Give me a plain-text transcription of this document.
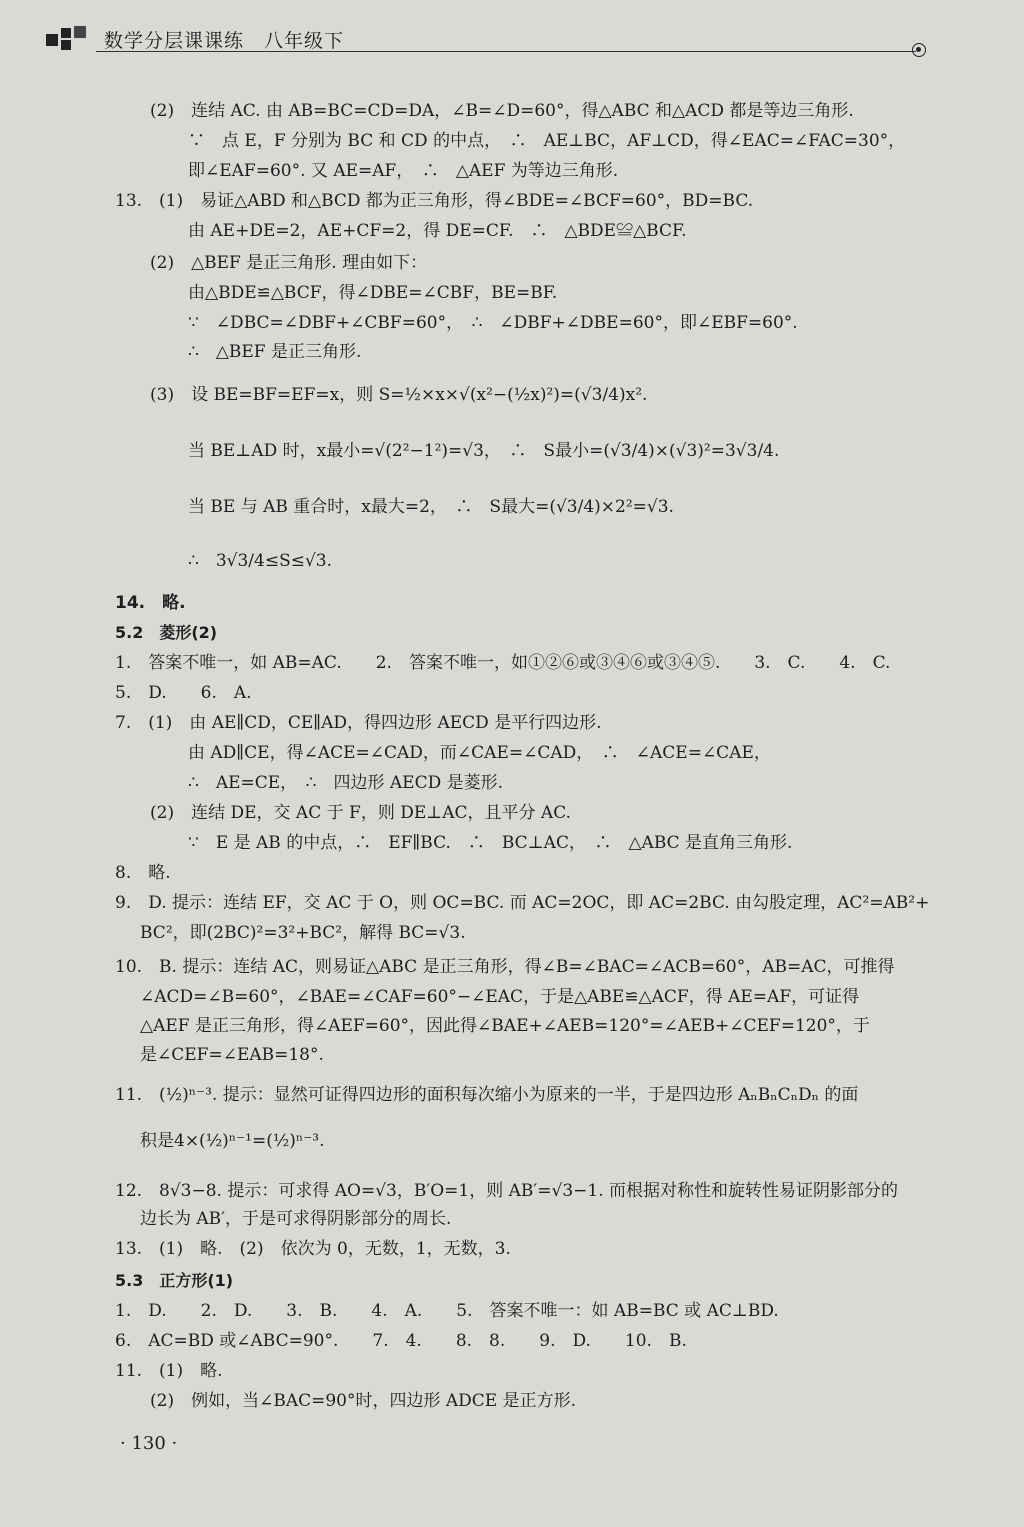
数学分层课课练　八年级下
(2)　连结 AC. 由 AB=BC=CD=DA，∠B=∠D=60°，得△ABC 和△ACD 都是等边三角形.
∵　点 E，F 分别为 BC 和 CD 的中点，　∴　AE⊥BC，AF⊥CD，得∠EAC=∠FAC=30°，
即∠EAF=60°. 又 AE=AF，　∴　△AEF 为等边三角形.
13.　(1)　易证△ABD 和△BCD 都为正三角形，得∠BDE=∠BCF=60°，BD=BC.
由 AE+DE=2，AE+CF=2，得 DE=CF.　∴　△BDE≌△BCF.
(2)　△BEF 是正三角形. 理由如下：
由△BDE≌△BCF，得∠DBE=∠CBF，BE=BF.
∵　∠DBC=∠DBF+∠CBF=60°，　∴　∠DBF+∠DBE=60°，即∠EBF=60°.
∴　△BEF 是正三角形.
(3)　设 BE=BF=EF=x，则 S=½×x×√(x²−(½x)²)=(√3/4)x².
当 BE⊥AD 时，x最小=√(2²−1²)=√3，　∴　S最小=(√3/4)×(√3)²=3√3/4.
当 BE 与 AB 重合时，x最大=2，　∴　S最大=(√3/4)×2²=√3.
∴　3√3/4≤S≤√3.
14.　略.
5.2　菱形(2)
1.　答案不唯一，如 AB=AC.　　2.　答案不唯一，如①②⑥或③④⑥或③④⑤.　　3.　C.　　4.　C.
5.　D.　　6.　A.
7.　(1)　由 AE∥CD，CE∥AD，得四边形 AECD 是平行四边形.
由 AD∥CE，得∠ACE=∠CAD，而∠CAE=∠CAD，　∴　∠ACE=∠CAE，
∴　AE=CE，　∴　四边形 AECD 是菱形.
(2)　连结 DE，交 AC 于 F，则 DE⊥AC，且平分 AC.
∵　E 是 AB 的中点，∴　EF∥BC.　∴　BC⊥AC，　∴　△ABC 是直角三角形.
8.　略.
9.　D. 提示：连结 EF，交 AC 于 O，则 OC=BC. 而 AC=2OC，即 AC=2BC. 由勾股定理，AC²=AB²+
BC²，即(2BC)²=3²+BC²，解得 BC=√3.
10.　B. 提示：连结 AC，则易证△ABC 是正三角形，得∠B=∠BAC=∠ACB=60°，AB=AC，可推得
∠ACD=∠B=60°，∠BAE=∠CAF=60°−∠EAC，于是△ABE≌△ACF，得 AE=AF，可证得
△AEF 是正三角形，得∠AEF=60°，因此得∠BAE+∠AEB=120°=∠AEB+∠CEF=120°，于
是∠CEF=∠EAB=18°.
11.　(½)ⁿ⁻³. 提示：显然可证得四边形的面积每次缩小为原来的一半，于是四边形 AₙBₙCₙDₙ 的面
积是4×(½)ⁿ⁻¹=(½)ⁿ⁻³.
12.　8√3−8. 提示：可求得 AO=√3，B′O=1，则 AB′=√3−1. 而根据对称性和旋转性易证阴影部分的
边长为 AB′，于是可求得阴影部分的周长.
13.　(1)　略.　(2)　依次为 0，无数，1，无数，3.
5.3　正方形(1)
1.　D.　　2.　D.　　3.　B.　　4.　A.　　5.　答案不唯一：如 AB=BC 或 AC⊥BD.
6.　AC=BD 或∠ABC=90°.　　7.　4.　　8.　8.　　9.　D.　　10.　B.
11.　(1)　略.
(2)　例如，当∠BAC=90°时，四边形 ADCE 是正方形.
· 130 ·
